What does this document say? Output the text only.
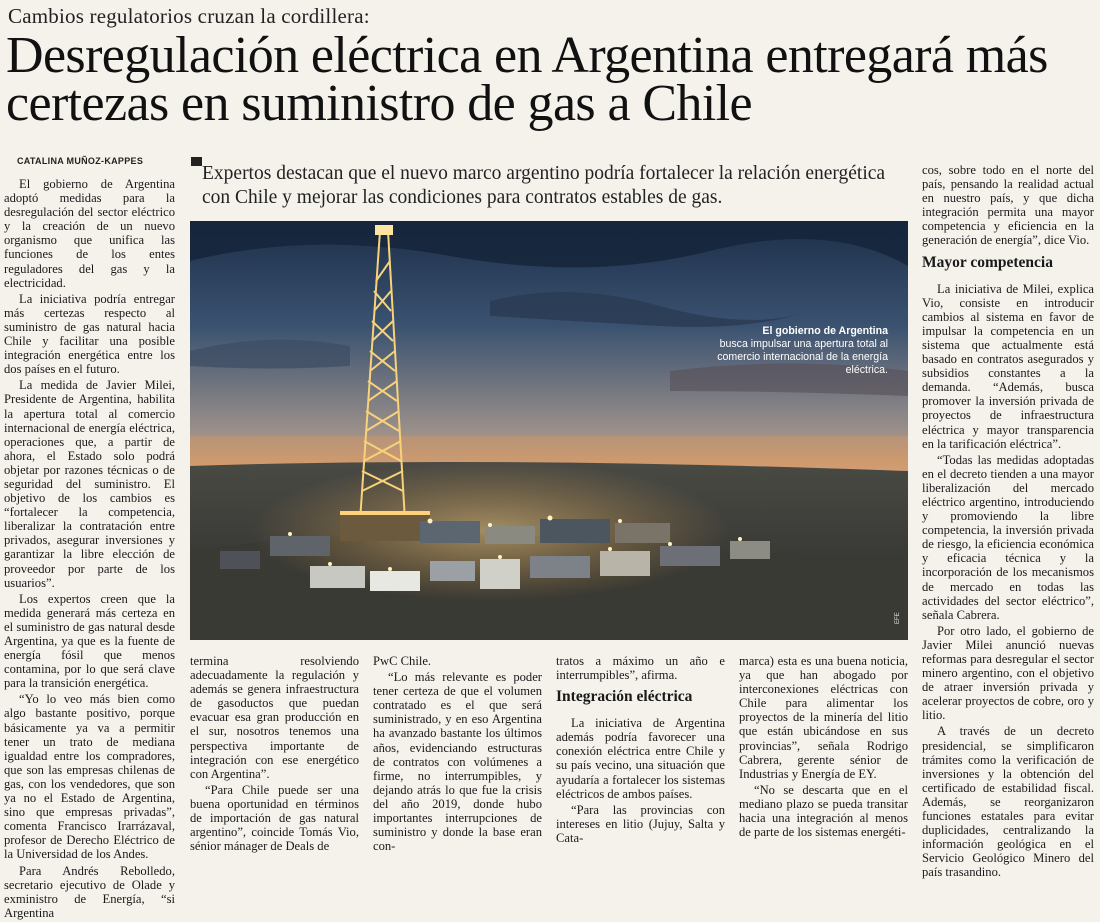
Cambios regulatorios cruzan la cordillera:
Desregulación eléctrica en Argentina entregará más certezas en suministro de gas a Chile
CATALINA MUÑOZ-KAPPES
Expertos destacan que el nuevo marco argentino podría fortalecer la relación energética con Chile y mejorar las condiciones para contratos estables de gas.

El gobierno de Argentina adoptó medidas para la desregulación del sector eléctrico y la creación de un nuevo organismo que unifica las funciones de los entes reguladores del gas y la electricidad.

La iniciativa podría entregar más certezas respecto al suministro de gas natural hacia Chile y facilitar una posible integración energética entre los dos países en el futuro.

La medida de Javier Milei, Presidente de Argentina, habilita la apertura total al comercio internacional de energía eléctrica, operaciones que, a partir de ahora, el Estado solo podrá objetar por razones técnicas o de seguridad del suministro. El objetivo de los cambios es “fortalecer la competencia, liberalizar la contratación entre privados, asegurar inversiones y garantizar la libre elección de proveedor por parte de los usuarios”.

Los expertos creen que la medida generará más certeza en el suministro de gas natural desde Argentina, ya que es la fuente de energía fósil que menos contamina, por lo que será clave para la transición energética.

“Yo lo veo más bien como algo bastante positivo, porque básicamente ya va a permitir tener un trato de mediana igualdad entre los compradores, que son las empresas chilenas de gas, con los vendedores, que son ya no el Estado de Argentina, sino que empresas privadas”, comenta Francisco Irarrázaval, profesor de Derecho Eléctrico de la Universidad de los Andes.

Para Andrés Rebolledo, secretario ejecutivo de Olade y exministro de Energía, “si Argentina

El gobierno de Argentina
busca impulsar una apertura total al comercio internacional de la energía eléctrica.
EFE

termina resolviendo adecuadamente la regulación y además se genera infraestructura de gasoductos que puedan evacuar esa gran producción en el sur, nosotros tenemos una perspectiva importante de integración con ese energético con Argentina”.

“Para Chile puede ser una buena oportunidad en términos de importación de gas natural argentino”, coincide Tomás Vio, sénior mánager de Deals de

PwC Chile.

“Lo más relevante es poder tener certeza de que el volumen contratado es el que será suministrado, y en eso Argentina ha avanzado bastante los últimos años, evidenciando estructuras de contratos con volúmenes a firme, no interrumpibles, y dejando atrás lo que fue la crisis del año 2019, donde hubo importantes interrupciones de suministro y donde la base eran con-

tratos a máximo un año e interrumpibles”, afirma.

Integración eléctrica

La iniciativa de Argentina además podría favorecer una conexión eléctrica entre Chile y su país vecino, una situación que ayudaría a fortalecer los sistemas eléctricos de ambos países.

“Para las provincias con intereses en litio (Jujuy, Salta y Cata-

marca) esta es una buena noticia, ya que han abogado por interconexiones eléctricas con Chile para alimentar los proyectos de la minería del litio que están ubicándose en sus provincias”, señala Rodrigo Cabrera, gerente sénior de Industrias y Energía de EY.

“No se descarta que en el mediano plazo se pueda transitar hacia una integración al menos de parte de los sistemas energéti-

cos, sobre todo en el norte del país, pensando la realidad actual en nuestro país, y que dicha integración permita una mayor competencia y eficiencia en la generación de energía”, dice Vio.

Mayor competencia

La iniciativa de Milei, explica Vio, consiste en introducir cambios al sistema en favor de impulsar la competencia en un sistema que actualmente está basado en contratos asegurados y subsidios constantes a la demanda. “Además, busca promover la inversión privada de proyectos de infraestructura eléctrica y mayor transparencia en la tarificación eléctrica”.

“Todas las medidas adoptadas en el decreto tienden a una mayor liberalización del mercado eléctrico argentino, introduciendo y promoviendo la libre competencia, la inversión privada de riesgo, la eficiencia económica y eficacia técnica y la incorporación de los mecanismos de mercado en todas las actividades del sector eléctrico”, señala Cabrera.

Por otro lado, el gobierno de Javier Milei anunció nuevas reformas para desregular el sector minero argentino, con el objetivo de atraer inversión privada y acelerar proyectos de cobre, oro y litio.

A través de un decreto presidencial, se simplificaron trámites como la verificación de inversiones y la obtención del certificado de estabilidad fiscal. Además, se reorganizaron funciones estatales para evitar duplicidades, centralizando la información geológica en el Servicio Geológico Minero del país trasandino.
